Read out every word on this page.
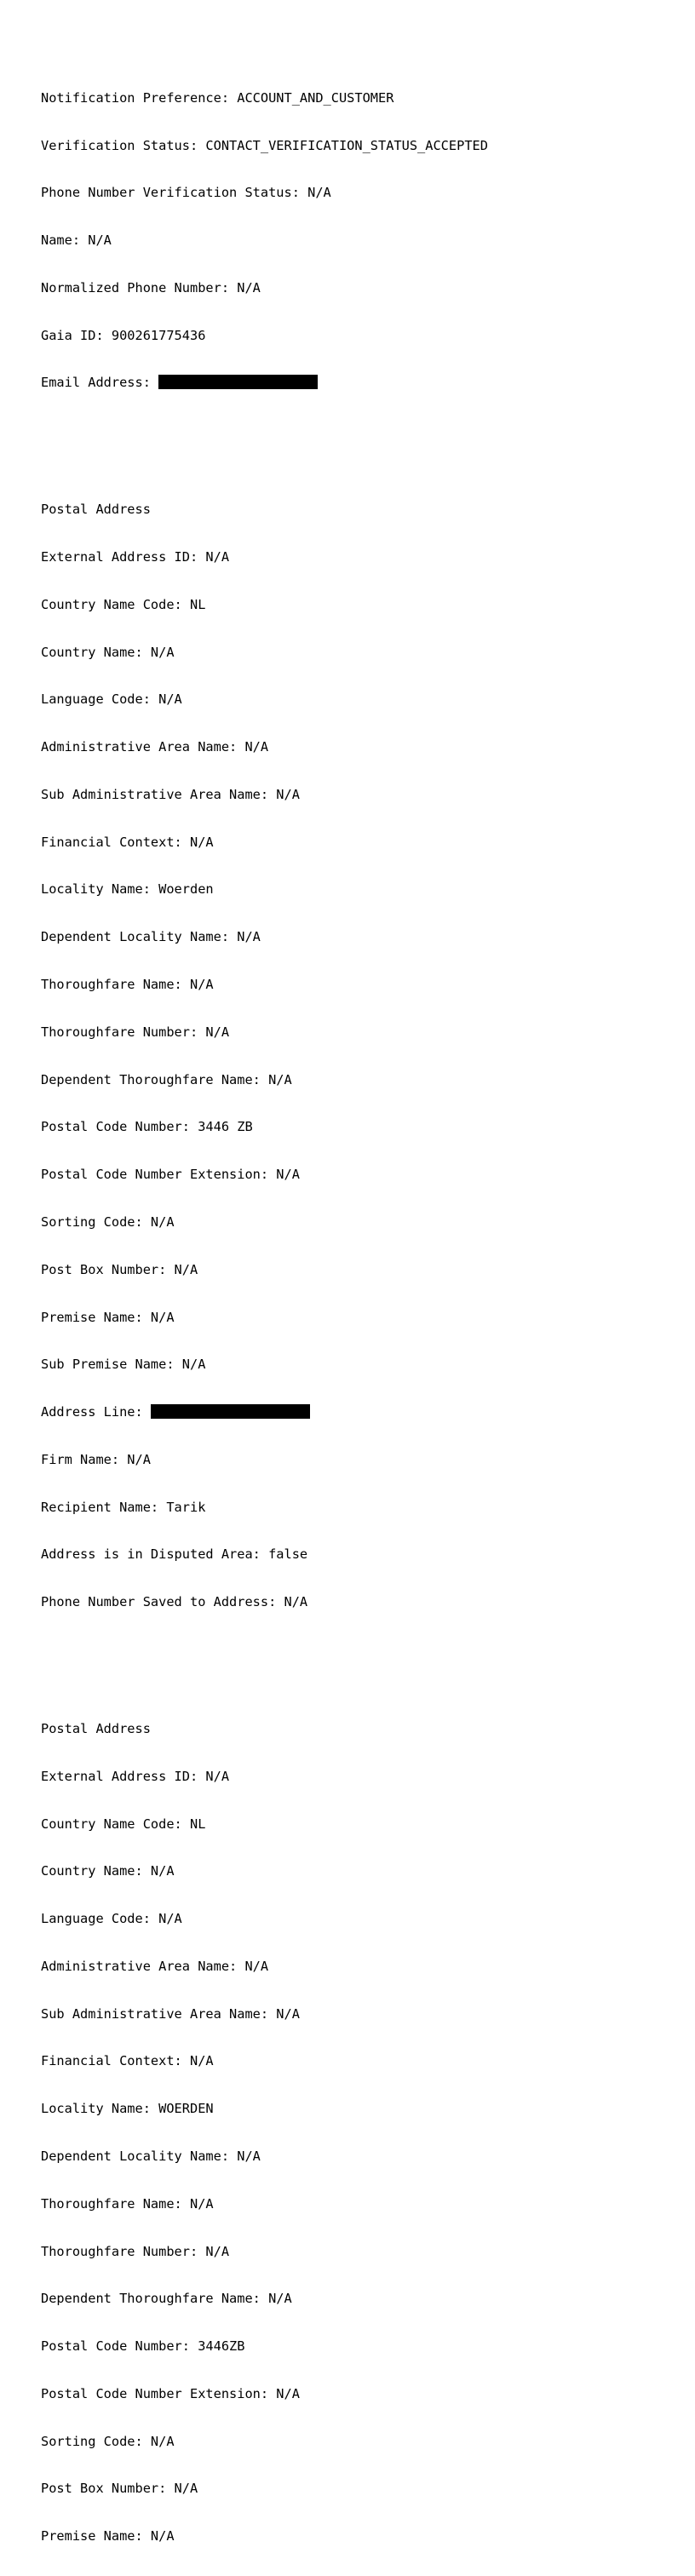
Notification Preference: ACCOUNT_AND_CUSTOMER

Verification Status: CONTACT_VERIFICATION_STATUS_ACCEPTED

Phone Number Verification Status: N/A

Name: N/A

Normalized Phone Number: N/A

Gaia ID: 900261775436

Email Address:

Postal Address

External Address ID: N/A

Country Name Code: NL

Country Name: N/A

Language Code: N/A

Administrative Area Name: N/A

Sub Administrative Area Name: N/A

Financial Context: N/A

Locality Name: Woerden

Dependent Locality Name: N/A

Thoroughfare Name: N/A

Thoroughfare Number: N/A

Dependent Thoroughfare Name: N/A

Postal Code Number: 3446 ZB

Postal Code Number Extension: N/A

Sorting Code: N/A

Post Box Number: N/A

Premise Name: N/A

Sub Premise Name: N/A

Address Line:

Firm Name: N/A

Recipient Name: Tarik

Address is in Disputed Area: false

Phone Number Saved to Address: N/A

Postal Address

External Address ID: N/A

Country Name Code: NL

Country Name: N/A

Language Code: N/A

Administrative Area Name: N/A

Sub Administrative Area Name: N/A

Financial Context: N/A

Locality Name: WOERDEN

Dependent Locality Name: N/A

Thoroughfare Name: N/A

Thoroughfare Number: N/A

Dependent Thoroughfare Name: N/A

Postal Code Number: 3446ZB

Postal Code Number Extension: N/A

Sorting Code: N/A

Post Box Number: N/A

Premise Name: N/A
